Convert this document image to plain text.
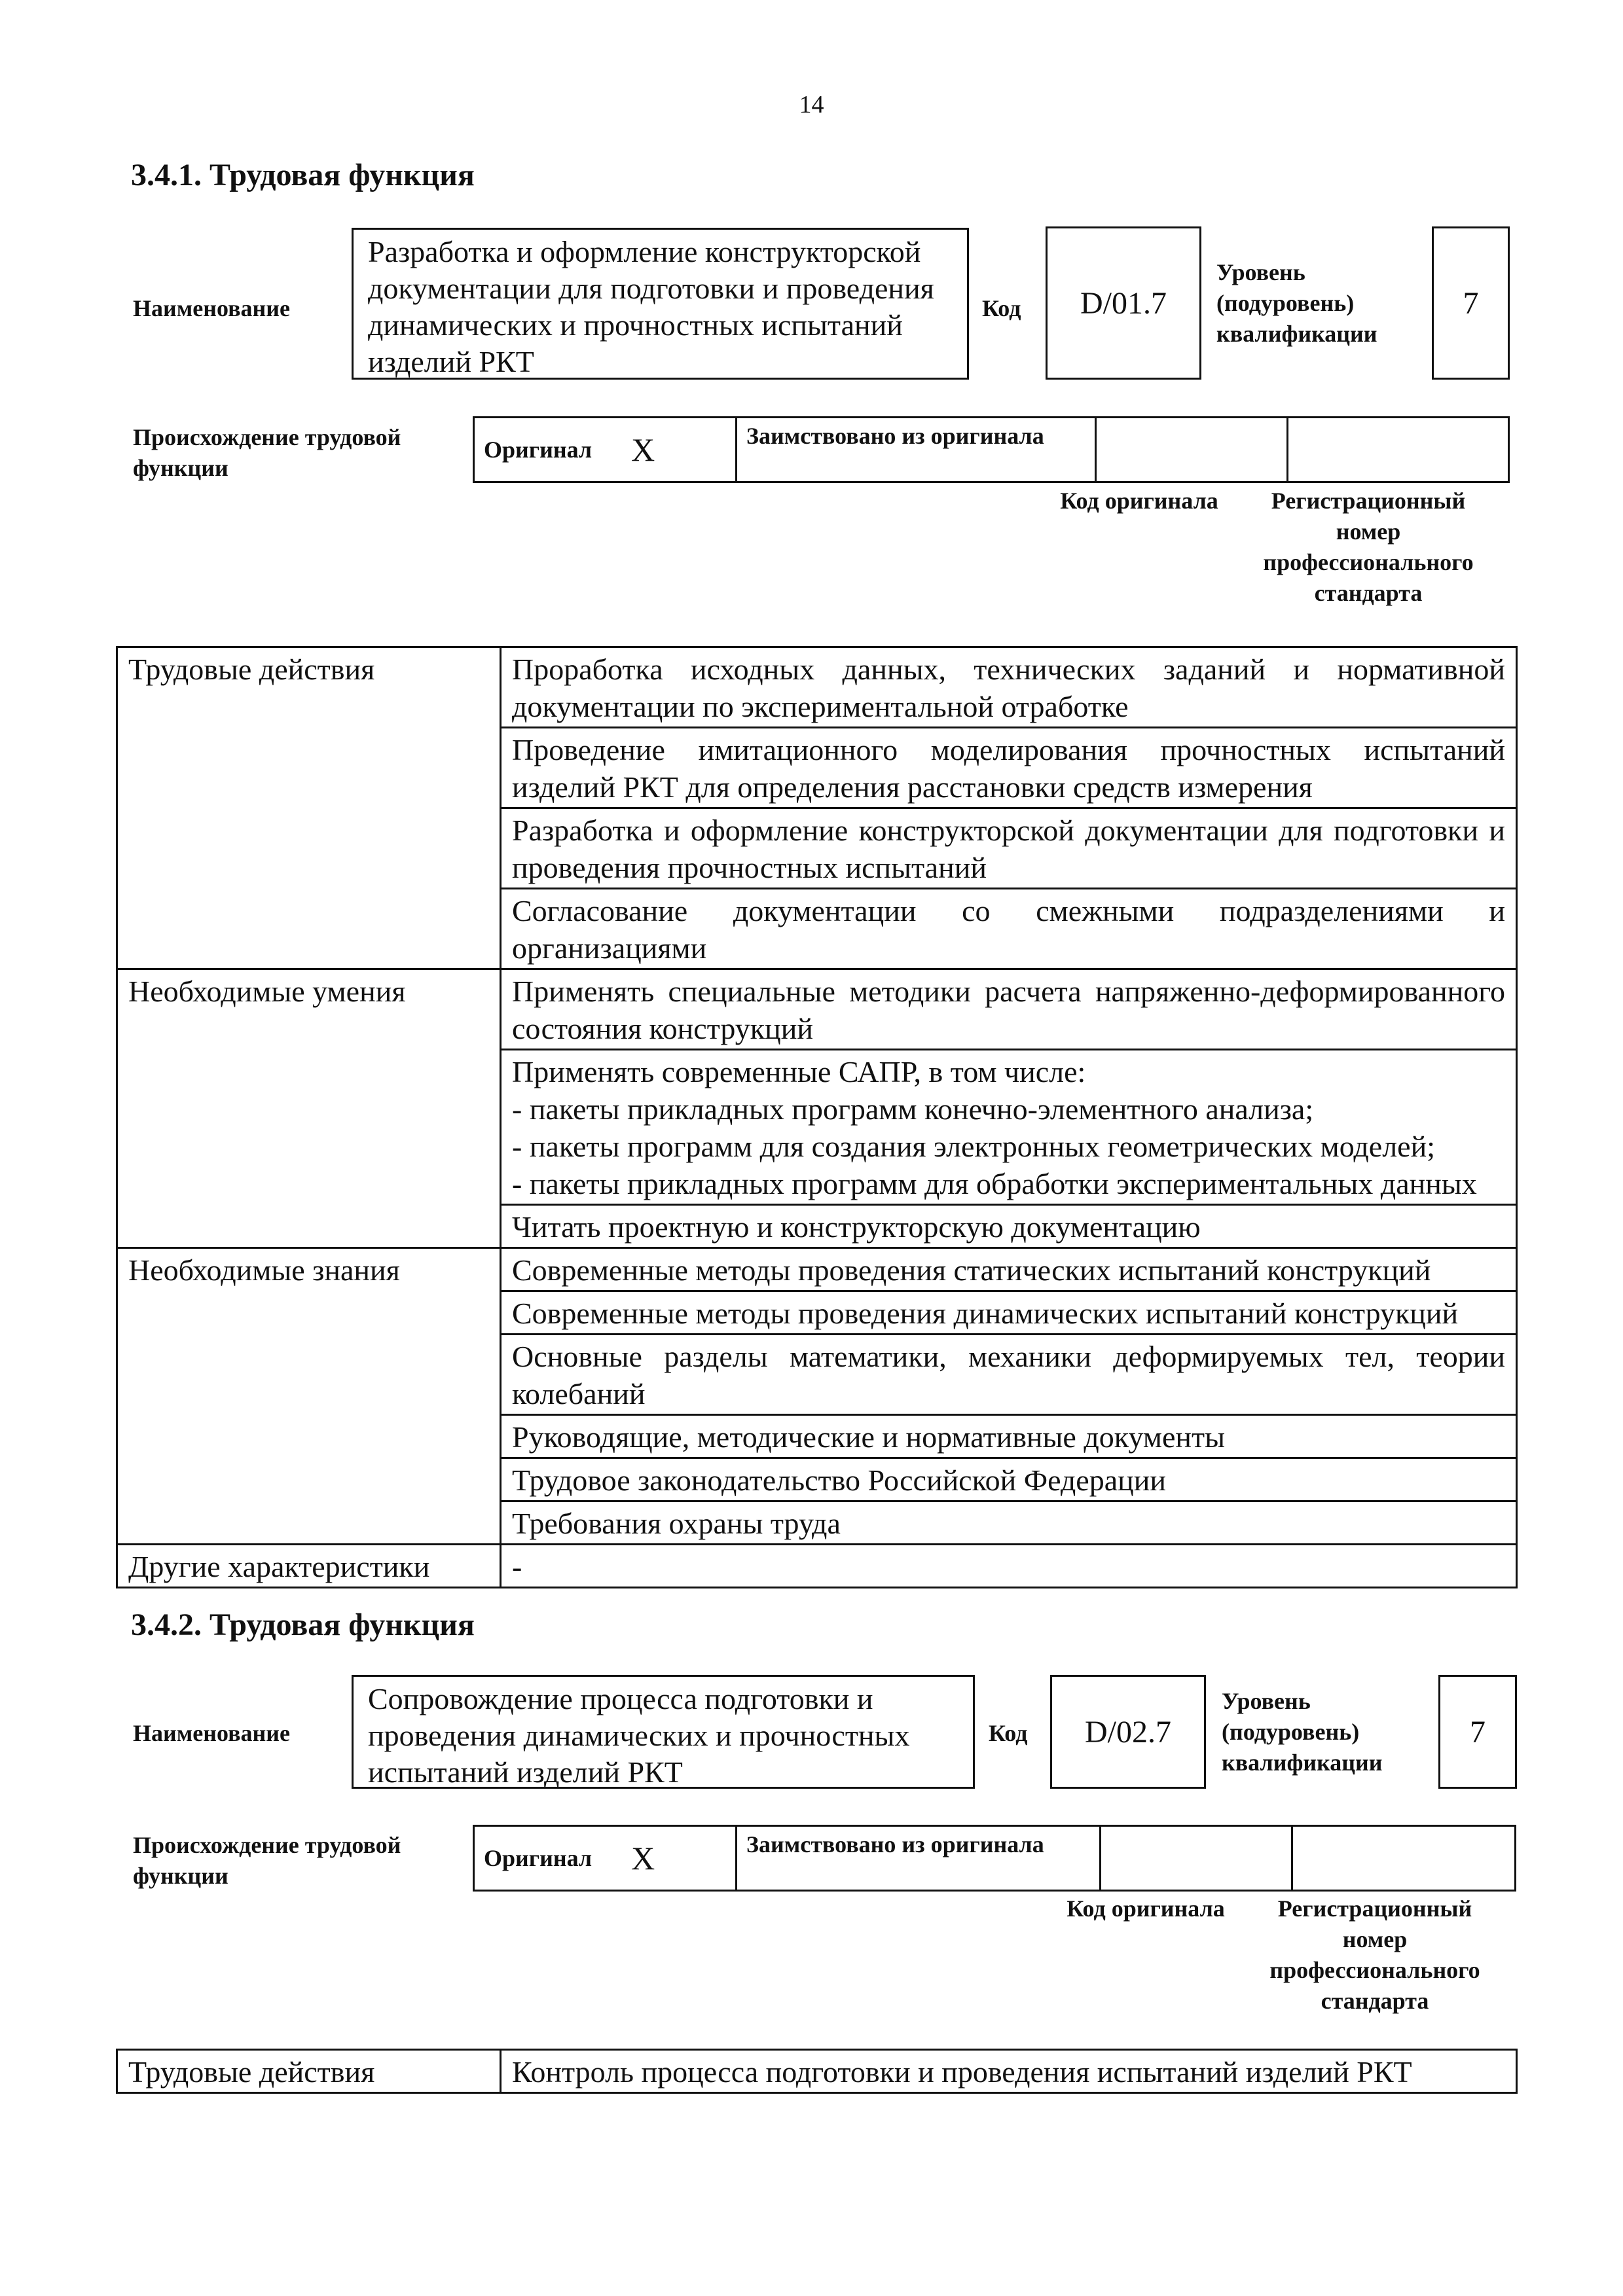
14
3.4.1. Трудовая функция
Наименование
Разработка и оформление конструкторской документации для подготовки и проведения динамических и прочностных испытаний изделий РКТ
Код	D/01.7
Уровень (подуровень) квалификации
7
Происхождение трудовой функции
Оригинал X	Заимствовано из оригинала

Код оригинала	Регистрационный номер профессионального стандарта
Трудовые действия	Проработка исходных данных, технических заданий и нормативной документации по экспериментальной отработке
	Проведение имитационного моделирования прочностных испытаний изделий РКТ для определения расстановки средств измерения
	Разработка и оформление конструкторской документации для подготовки и проведения прочностных испытаний
	Согласование документации со смежными подразделениями и организациями
Необходимые умения	Применять специальные методики расчета напряженно-деформированного состояния конструкций
	Применять современные САПР, в том числе:
- пакеты прикладных программ конечно-элементного анализа;
- пакеты программ для создания электронных геометрических моделей;
- пакеты прикладных программ для обработки экспериментальных данных
	Читать проектную и конструкторскую документацию
Необходимые знания	Современные методы проведения статических испытаний конструкций
	Современные методы проведения динамических испытаний конструкций
	Основные разделы математики, механики деформируемых тел, теории колебаний
	Руководящие, методические и нормативные документы
	Трудовое законодательство Российской Федерации
	Требования охраны труда
Другие характеристики	-
3.4.2. Трудовая функция
Наименование
Сопровождение процесса подготовки и проведения динамических и прочностных испытаний изделий РКТ
Код	D/02.7
Уровень (подуровень) квалификации
7
Происхождение трудовой функции
Оригинал X	Заимствовано из оригинала

Код оригинала	Регистрационный номер профессионального стандарта
Трудовые действия	Контроль процесса подготовки и проведения испытаний изделий РКТ
